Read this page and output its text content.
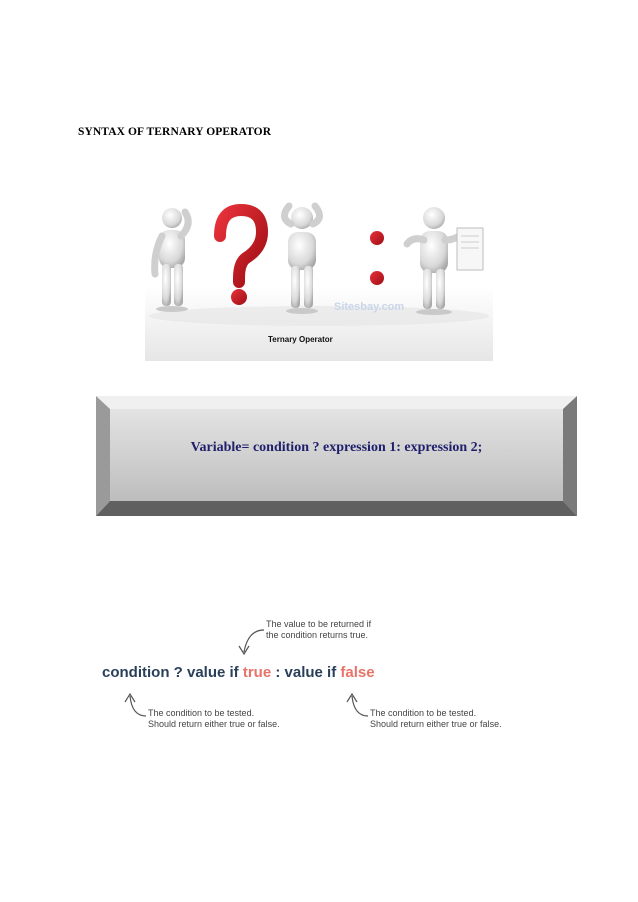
SYNTAX OF TERNARY OPERATOR
Sitesbay.com
Ternary Operator
Variable= condition ? expression 1: expression 2;
The value to be returned if
the condition returns true.
condition ? value if true : value if false
The condition to be tested.
Should return either true or false.
The condition to be tested.
Should return either true or false.
